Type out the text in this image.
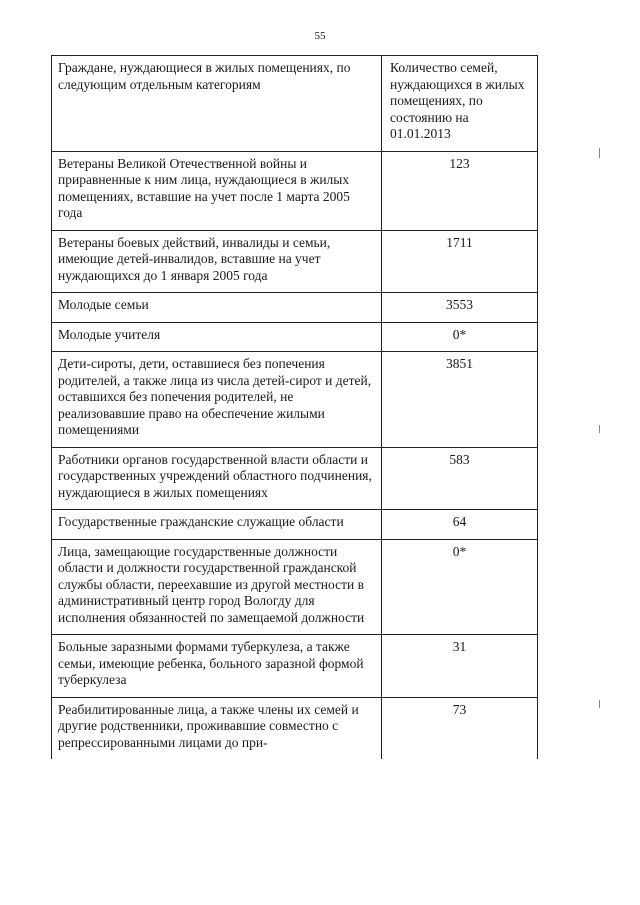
55
Граждане, нуждающиеся в жилых помещениях, по следующим отдельным категориям	Количество семей, нуждающихся в жилых помещениях, по состоянию на 01.01.2013
Ветераны Великой Отечественной войны и приравненные к ним лица, нуждающиеся в жилых помещениях, вставшие на учет после 1 марта 2005 года	123
Ветераны боевых действий, инвалиды и семьи, имеющие детей-инвалидов, вставшие на учет нуждающихся до 1 января 2005 года	1711
Молодые семьи	3553
Молодые учителя	0*
Дети-сироты, дети, оставшиеся без попечения родителей, а также лица из числа детей-сирот и детей, оставшихся без попечения родителей, не реализовавшие право на обеспечение жилыми помещениями	3851
Работники органов государственной власти области и государственных учреждений областного подчинения, нуждающиеся в жилых помещениях	583
Государственные гражданские служащие области	64
Лица, замещающие государственные должности области и должности государственной гражданской службы области, переехавшие из другой местности в административный центр город Вологду для исполнения обязанностей по замещаемой должности	0*
Больные заразными формами туберкулеза, а также семьи, имеющие ребенка, больного заразной формой туберкулеза	31
Реабилитированные лица, а также члены их семей и другие родственники, проживавшие совместно с репрессированными лицами до при-	73
